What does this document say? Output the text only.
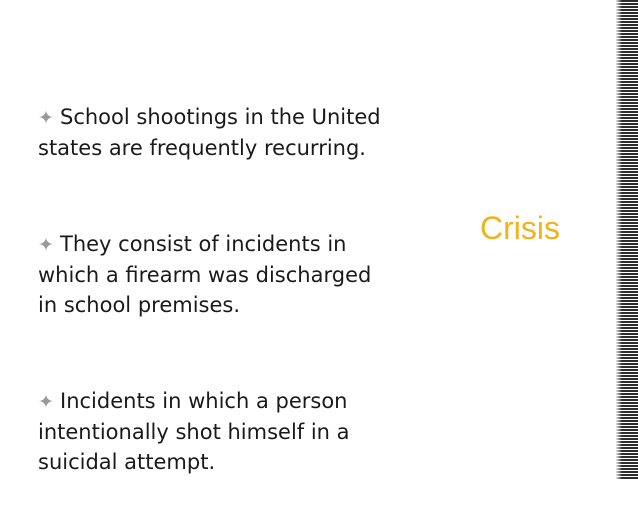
✦ School shootings in the United
states are frequently recurring.

✦ They consist of incidents in
which a firearm was discharged
in school premises.

✦ Incidents in which a person
intentionally shot himself in a
suicidal attempt.

Crisis
